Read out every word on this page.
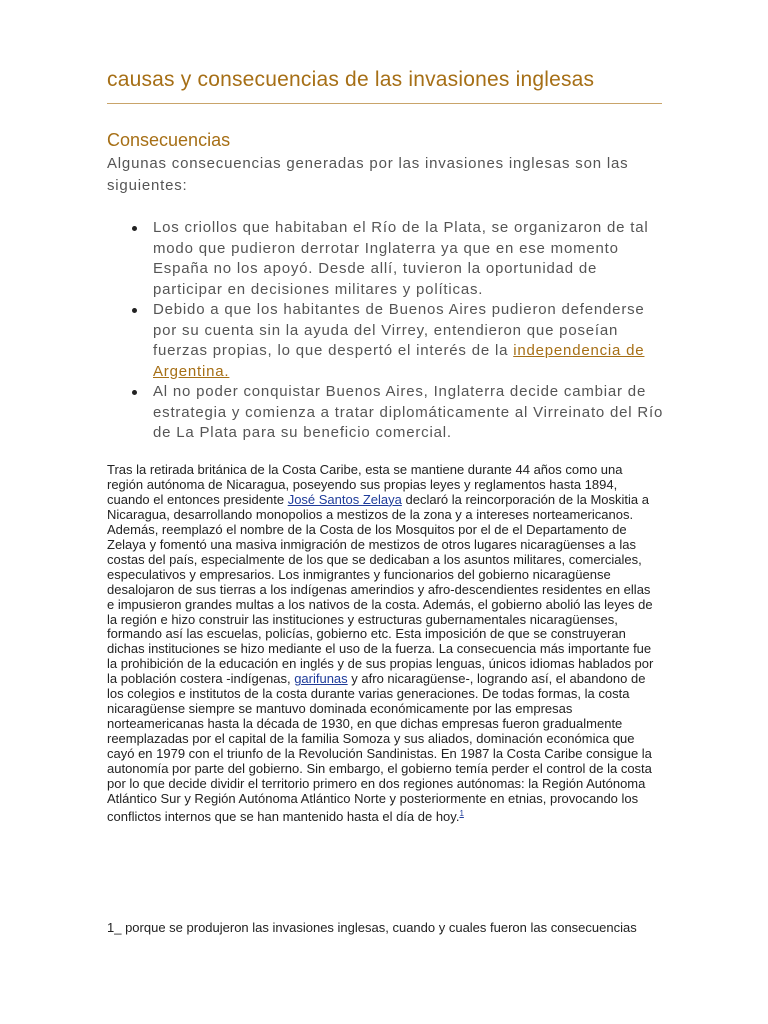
causas y consecuencias de las invasiones inglesas
Consecuencias

Algunas consecuencias generadas por las invasiones inglesas son las siguientes:

Los criollos que habitaban el Río de la Plata, se organizaron de tal modo que pudieron derrotar Inglaterra ya que en ese momento España no los apoyó. Desde allí, tuvieron la oportunidad de participar en decisiones militares y políticas.
Debido a que los habitantes de Buenos Aires pudieron defenderse por su cuenta sin la ayuda del Virrey, entendieron que poseían fuerzas propias, lo que despertó el interés de la independencia de Argentina.
Al no poder conquistar Buenos Aires, Inglaterra decide cambiar de estrategia y comienza a tratar diplomáticamente al Virreinato del Río de La Plata para su beneficio comercial.

Tras la retirada británica de la Costa Caribe, esta se mantiene durante 44 años como una región autónoma de Nicaragua, poseyendo sus propias leyes y reglamentos hasta 1894, cuando el entonces presidente José Santos Zelaya declaró la reincorporación de la Moskitia a Nicaragua, desarrollando monopolios a mestizos de la zona y a intereses norteamericanos. Además, reemplazó el nombre de la Costa de los Mosquitos por el de el Departamento de Zelaya y fomentó una masiva inmigración de mestizos de otros lugares nicaragüenses a las costas del país, especialmente de los que se dedicaban a los asuntos militares, comerciales, especulativos y empresarios. Los inmigrantes y funcionarios del gobierno nicaragüense desalojaron de sus tierras a los indígenas amerindios y afro-descendientes residentes en ellas e impusieron grandes multas a los nativos de la costa. Además, el gobierno abolió las leyes de la región e hizo construir las instituciones y estructuras gubernamentales nicaragüenses, formando así las escuelas, policías, gobierno etc. Esta imposición de que se construyeran dichas instituciones se hizo mediante el uso de la fuerza. La consecuencia más importante fue la prohibición de la educación en inglés y de sus propias lenguas, únicos idiomas hablados por la población costera -indígenas, garifunas y afro nicaragüense-, logrando así, el abandono de los colegios e institutos de la costa durante varias generaciones. De todas formas, la costa nicaragüense siempre se mantuvo dominada económicamente por las empresas norteamericanas hasta la década de 1930, en que dichas empresas fueron gradualmente reemplazadas por el capital de la familia Somoza y sus aliados, dominación económica que cayó en 1979 con el triunfo de la Revolución Sandinistas. En 1987 la Costa Caribe consigue la autonomía por parte del gobierno. Sin embargo, el gobierno temía perder el control de la costa por lo que decide dividir el territorio primero en dos regiones autónomas: la Región Autónoma Atlántico Sur y Región Autónoma Atlántico Norte y posteriormente en etnias, provocando los conflictos internos que se han mantenido hasta el día de hoy.$^1$

1_ porque se produjeron las invasiones inglesas, cuando y cuales fueron las consecuencias
